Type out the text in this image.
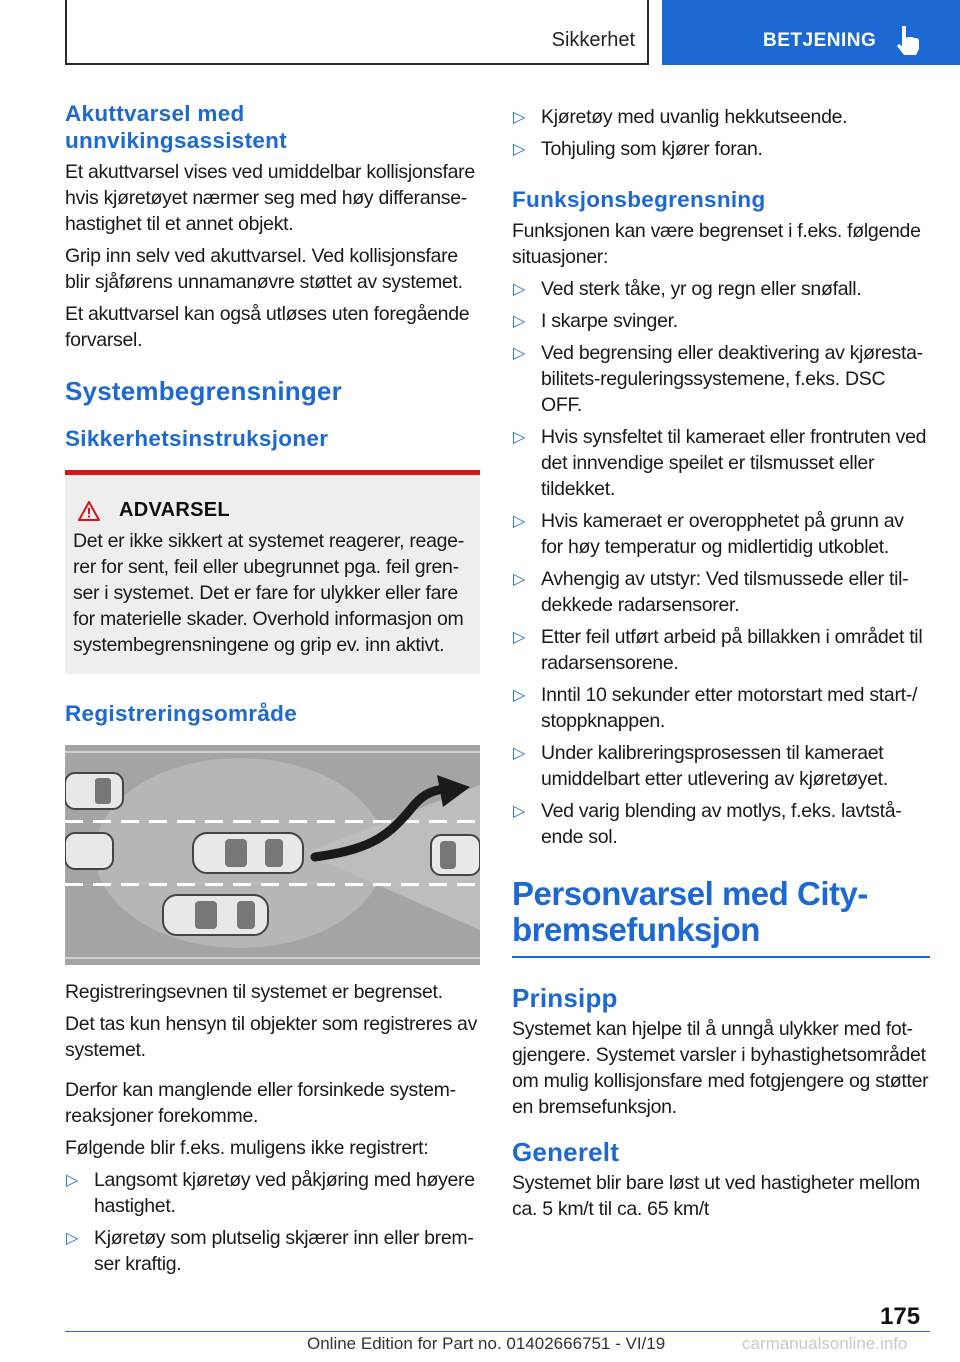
Sikkerhet	BETJENING
Akuttvarsel med unnvikingsassistent

Et akuttvarsel vises ved umiddelbar kollisjonsfare hvis kjøretøyet nærmer seg med høy differansehastighet til et annet objekt.

Grip inn selv ved akuttvarsel. Ved kollisjonsfare blir sjåførens unnamanøvre støttet av systemet.

Et akuttvarsel kan også utløses uten foregående forvarsel.

Systembegrensninger
Sikkerhetsinstruksjoner
ADVARSEL

Det er ikke sikkert at systemet reagerer, reagerer for sent, feil eller ubegrunnet pga. feil grenser i systemet. Det er fare for ulykker eller fare for materielle skader. Overhold informasjon om systembegrensningene og grip ev. inn aktivt.

Registreringsområde

Registreringsevnen til systemet er begrenset.

Det tas kun hensyn til objekter som registreres av systemet.

Derfor kan manglende eller forsinkede systemreaksjoner forekomme.

Følgende blir f.eks. muligens ikke registrert:

▷ Langsomt kjøretøy ved påkjøring med høyere hastighet.
▷ Kjøretøy som plutselig skjærer inn eller bremser kraftig.
▷ Kjøretøy med uvanlig hekkutseende.
▷ Tohjuling som kjører foran.
Funksjonsbegrensning

Funksjonen kan være begrenset i f.eks. følgende situasjoner:

▷ Ved sterk tåke, yr og regn eller snøfall.
▷ I skarpe svinger.
▷ Ved begrensing eller deaktivering av kjørestabilitets-reguleringssystemene, f.eks. DSC OFF.
▷ Hvis synsfeltet til kameraet eller frontruten ved det innvendige speilet er tilsmusset eller tildekket.
▷ Hvis kameraet er overopphetet på grunn av for høy temperatur og midlertidig utkoblet.
▷ Avhengig av utstyr: Ved tilsmussede eller tildekkede radarsensorer.
▷ Etter feil utført arbeid på billakken i området til radarsensorene.
▷ Inntil 10 sekunder etter motorstart med start-/ stoppknappen.
▷ Under kalibreringsprosessen til kameraet umiddelbart etter utlevering av kjøretøyet.
▷ Ved varig blending av motlys, f.eks. lavtstående sol.
Personvarsel med City-bremsefunksjon
Prinsipp

Systemet kan hjelpe til å unngå ulykker med fotgjengere. Systemet varsler i byhastighetsområdet om mulig kollisjonsfare med fotgjengere og støtter en bremsefunksjon.

Generelt

Systemet blir bare løst ut ved hastigheter mellom ca. 5 km/t til ca. 65 km/t

175
Online Edition for Part no. 01402666751 - VI/19	carmanualsonline.info
